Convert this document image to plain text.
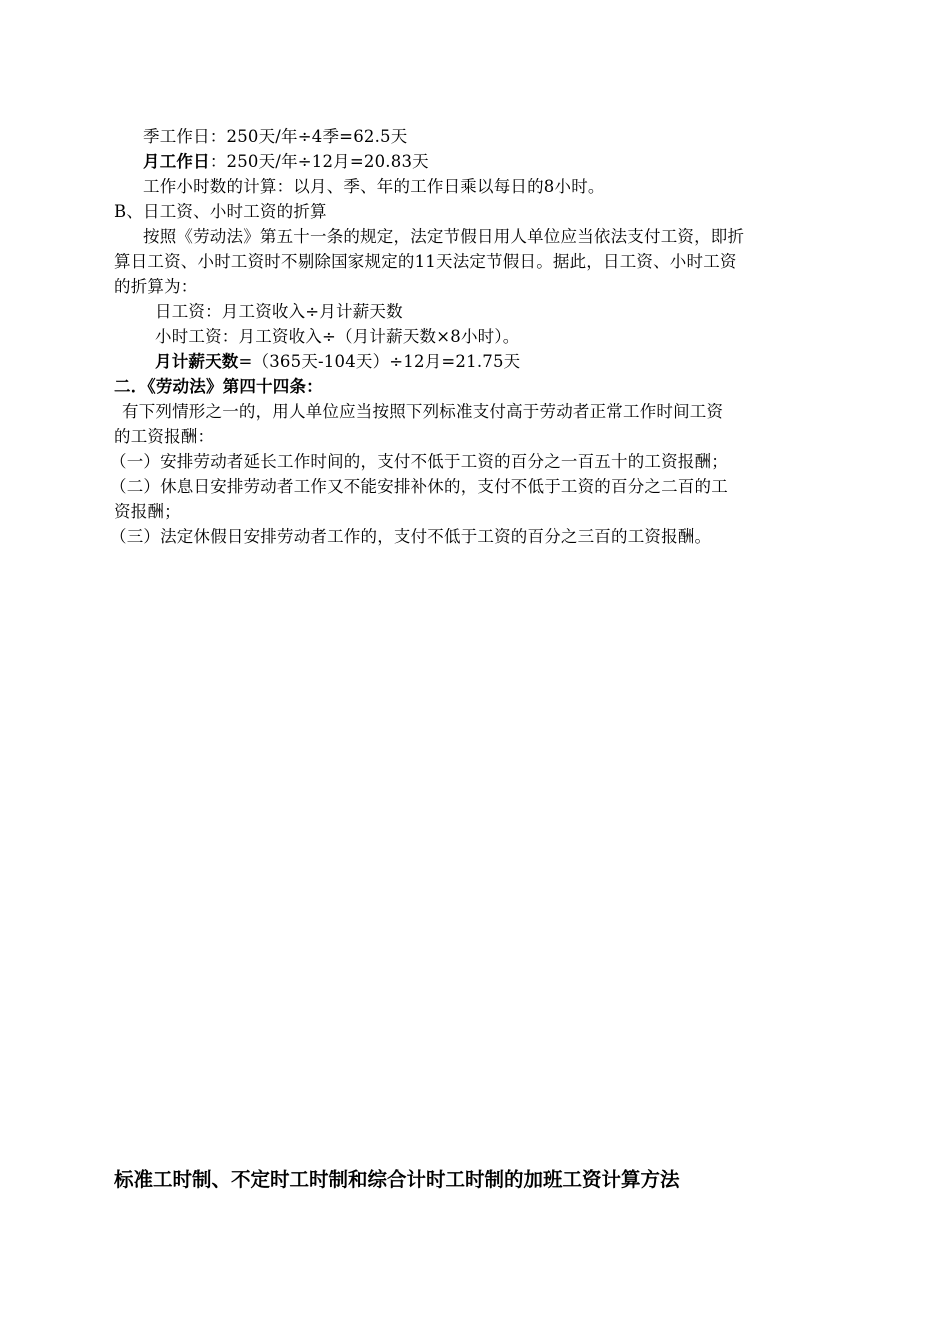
季工作日：250天/年÷4季=62.5天
月工作日：250天/年÷12月=20.83天
工作小时数的计算：以月、季、年的工作日乘以每日的8小时。
B、日工资、小时工资的折算
按照《劳动法》第五十一条的规定，法定节假日用人单位应当依法支付工资，即折
算日工资、小时工资时不剔除国家规定的11天法定节假日。据此，日工资、小时工资
的折算为：
日工资：月工资收入÷月计薪天数
小时工资：月工资收入÷（月计薪天数×8小时）。
月计薪天数=（365天-104天）÷12月=21.75天
二．《劳动法》第四十四条：
有下列情形之一的，用人单位应当按照下列标准支付高于劳动者正常工作时间工资
的工资报酬：
（一）安排劳动者延长工作时间的，支付不低于工资的百分之一百五十的工资报酬；
（二）休息日安排劳动者工作又不能安排补休的，支付不低于工资的百分之二百的工
资报酬；
（三）法定休假日安排劳动者工作的，支付不低于工资的百分之三百的工资报酬。
标准工时制、不定时工时制和综合计时工时制的加班工资计算方法
